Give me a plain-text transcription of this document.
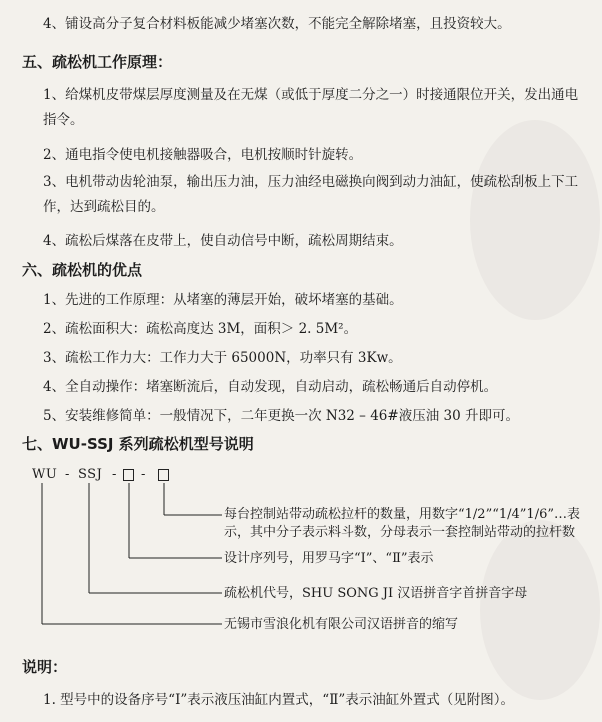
4、铺设高分子复合材料板能减少堵塞次数，不能完全解除堵塞，且投资较大。
五、疏松机工作原理：
1、给煤机皮带煤层厚度测量及在无煤（或低于厚度二分之一）时接通限位开关，发出通电指令。
2、通电指令使电机接触器吸合，电机按顺时针旋转。
3、电机带动齿轮油泵，输出压力油，压力油经电磁换向阀到动力油缸，使疏松刮板上下工作，达到疏松目的。
4、疏松后煤落在皮带上，使自动信号中断，疏松周期结束。
六、疏松机的优点
1、先进的工作原理：从堵塞的薄层开始，破坏堵塞的基础。
2、疏松面积大：疏松高度达 3M，面积＞ 2. 5M²。
3、疏松工作力大：工作力大于 65000N，功率只有 3Kw。
4、全自动操作：堵塞断流后，自动发现，自动启动，疏松畅通后自动停机。
5、安装维修简单：一般情况下，二年更换一次 N32 – 46#液压油 30 升即可。
七、WU-SSJ 系列疏松机型号说明
WU - SSJ - -
每台控制站带动疏松拉杆的数量，用数字“1/2”“1/4”1/6”…表示，其中分子表示料斗数，分母表示一套控制站带动的拉杆数
设计序列号，用罗马字“Ⅰ”、“Ⅱ”表示
疏松机代号，SHU SONG JI 汉语拼音字首拼音字母
无锡市雪浪化机有限公司汉语拼音的缩写
说明：
1. 型号中的设备序号“Ⅰ”表示液压油缸内置式，“Ⅱ”表示油缸外置式（见附图）。
